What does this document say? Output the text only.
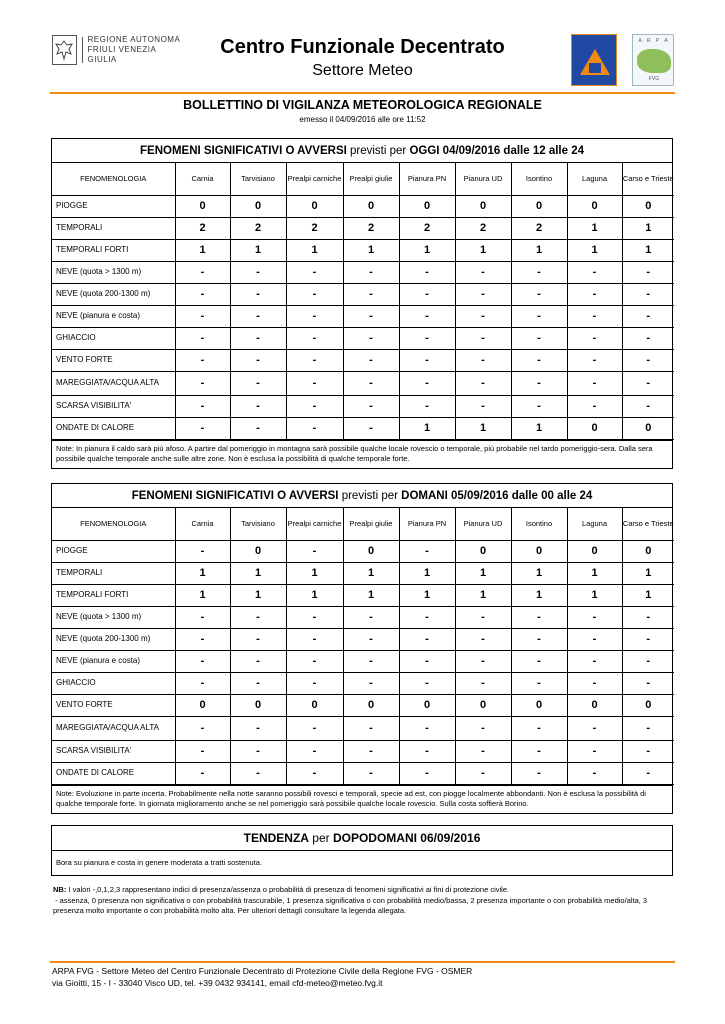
REGIONE AUTONOMA
FRIULI VENEZIA GIULIA
Centro Funzionale Decentrato
Settore Meteo
A R P A
FVG
BOLLETTINO DI VIGILANZA METEOROLOGICA REGIONALE
emesso il 04/09/2016 alle ore 11:52
FENOMENI SIGNIFICATIVI O AVVERSI previsti per OGGI 04/09/2016 dalle 12 alle 24
FENOMENOLOGIA	Carnia	Tarvisiano	Prealpi carniche	Prealpi giulie	Pianura PN	Pianura UD	Isontino	Laguna	Carso e Trieste
PIOGGE	0	0	0	0	0	0	0	0	0
TEMPORALI	2	2	2	2	2	2	2	1	1
TEMPORALI FORTI	1	1	1	1	1	1	1	1	1
NEVE (quota > 1300 m)	-	-	-	-	-	-	-	-	-
NEVE (quota 200-1300 m)	-	-	-	-	-	-	-	-	-
NEVE (pianura e costa)	-	-	-	-	-	-	-	-	-
GHIACCIO	-	-	-	-	-	-	-	-	-
VENTO FORTE	-	-	-	-	-	-	-	-	-
MAREGGIATA/ACQUA ALTA	-	-	-	-	-	-	-	-	-
SCARSA VISIBILITA'	-	-	-	-	-	-	-	-	-
ONDATE DI CALORE	-	-	-	-	1	1	1	0	0
Note: In pianura il caldo sarà più afoso. A partire dal pomeriggio in montagna sarà possibile qualche locale rovescio o temporale, più probabile nel tardo pomeriggio-sera. Dalla sera possibile qualche temporale anche sulle altre zone. Non è esclusa la possibilità di qualche temporale forte.
FENOMENI SIGNIFICATIVI O AVVERSI previsti per DOMANI 05/09/2016 dalle 00 alle 24
FENOMENOLOGIA	Carnia	Tarvisiano	Prealpi carniche	Prealpi giulie	Pianura PN	Pianura UD	Isontino	Laguna	Carso e Trieste
PIOGGE	-	0	-	0	-	0	0	0	0
TEMPORALI	1	1	1	1	1	1	1	1	1
TEMPORALI FORTI	1	1	1	1	1	1	1	1	1
NEVE (quota > 1300 m)	-	-	-	-	-	-	-	-	-
NEVE (quota 200-1300 m)	-	-	-	-	-	-	-	-	-
NEVE (pianura e costa)	-	-	-	-	-	-	-	-	-
GHIACCIO	-	-	-	-	-	-	-	-	-
VENTO FORTE	0	0	0	0	0	0	0	0	0
MAREGGIATA/ACQUA ALTA	-	-	-	-	-	-	-	-	-
SCARSA VISIBILITA'	-	-	-	-	-	-	-	-	-
ONDATE DI CALORE	-	-	-	-	-	-	-	-	-
Note: Evoluzione in parte incerta. Probabilmente nella notte saranno possibili rovesci e temporali, specie ad est, con piogge localmente abbondanti. Non è esclusa la possibilità di qualche temporale forte. In giornata miglioramento anche se nel pomeriggio sarà possibile qualche locale rovescio. Sulla costa soffierà Borino.
TENDENZA per DOPODOMANI 06/09/2016
Bora su pianura e costa in genere moderata a tratti sostenuta.
NB: I valori -,0,1,2,3 rappresentano indici di presenza/assenza o probabilità di presenza di fenomeni significativi ai fini di protezione civile.
- assenza, 0 presenza non significativa o con probabilità trascurabile, 1 presenza significativa o con probabilità medio/bassa, 2 presenza importante o con probabilità medio/alta, 3 presenza molto importante o con probabilità molto alta. Per ulteriori dettagli consultare la legenda allegata.
ARPA FVG - Settore Meteo del Centro Funzionale Decentrato di Protezione Civile della Regione FVG - OSMER
via Gioitti, 15 - I - 33040 Visco UD, tel. +39 0432 934141, email cfd-meteo@meteo.fvg.it
